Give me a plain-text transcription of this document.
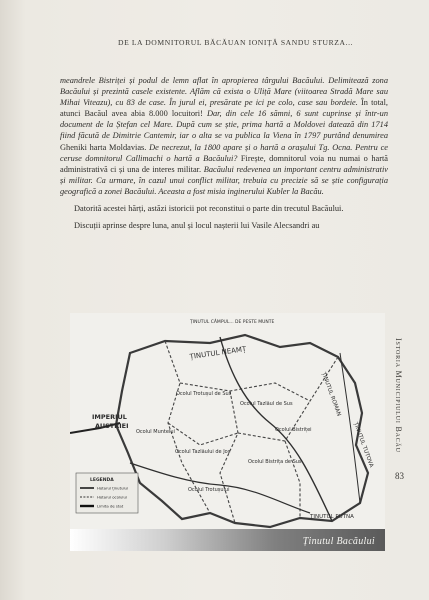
DE LA DOMNITORUL BĂCĂUAN IONIȚĂ SANDU STURZA...

meandrele Bistriței și podul de lemn aflat în apropierea târgului Bacăului. Delimitează zona Bacăului și prezintă casele existente. Aflăm că exista o Uliță Mare (viitoarea Stradă Mare sau Mihai Viteazu), cu 83 de case. În jurul ei, presărate pe ici pe colo, case sau bordeie. În total, atunci Bacăul avea abia 8.000 locuitori! Dar, din cele 16 sămni, 6 sunt cuprinse și într-un document de la Ștefan cel Mare. După cum se știe, prima hartă a Moldovei datează din 1714 fiind făcută de Dimitrie Cantemir, iar o alta se va publica la Viena în 1797 purtând denumirea Gheniki harta Moldavias. De necrezut, la 1800 apare și o hartă a orașului Tg. Ocna. Pentru ce ceruse domnitorul Callimachi o hartă a Bacăului? Firește, domnitorul voia nu numai o hartă administrativă ci și una de interes militar. Bacăului redevenea un important centru administrativ și militar. Ca urmare, în cazul unui conflict militar, trebuia cu precizie să se știe configurația geografică a zonei Bacăului. Aceasta a fost misia inginerului Kubler la Bacău.

Datorită acestei hărți, astăzi istoricii pot reconstitui o parte din trecutul Bacăului.

Discuții aprinse despre luna, anul și locul nașterii lui Vasile Alecsandri au

ȚINUTUL CÂMPUL... DE PESTE MUNTE
ȚINUTUL NEAMȚ
IMPERIUL
AUSTRIEI
Ocolul Trotușul de Sus
Ocolul Muntelui
Ocolul Tazlăului de Jos
Ocolul Tazlăul de Sus
Ocolul Trotușului
Ocolul Bistriței
Ocolul Bistrița de Sus
ȚINUTUL ROMAN
ȚINUTUL TUTOVA
ȚINUTUL PUTNA
LEGENDA
Hotarul ținutului
Hotarul ocolului
Limita de stat
Ținutul Bacăului
Istoria Municipiului Bacău
83
